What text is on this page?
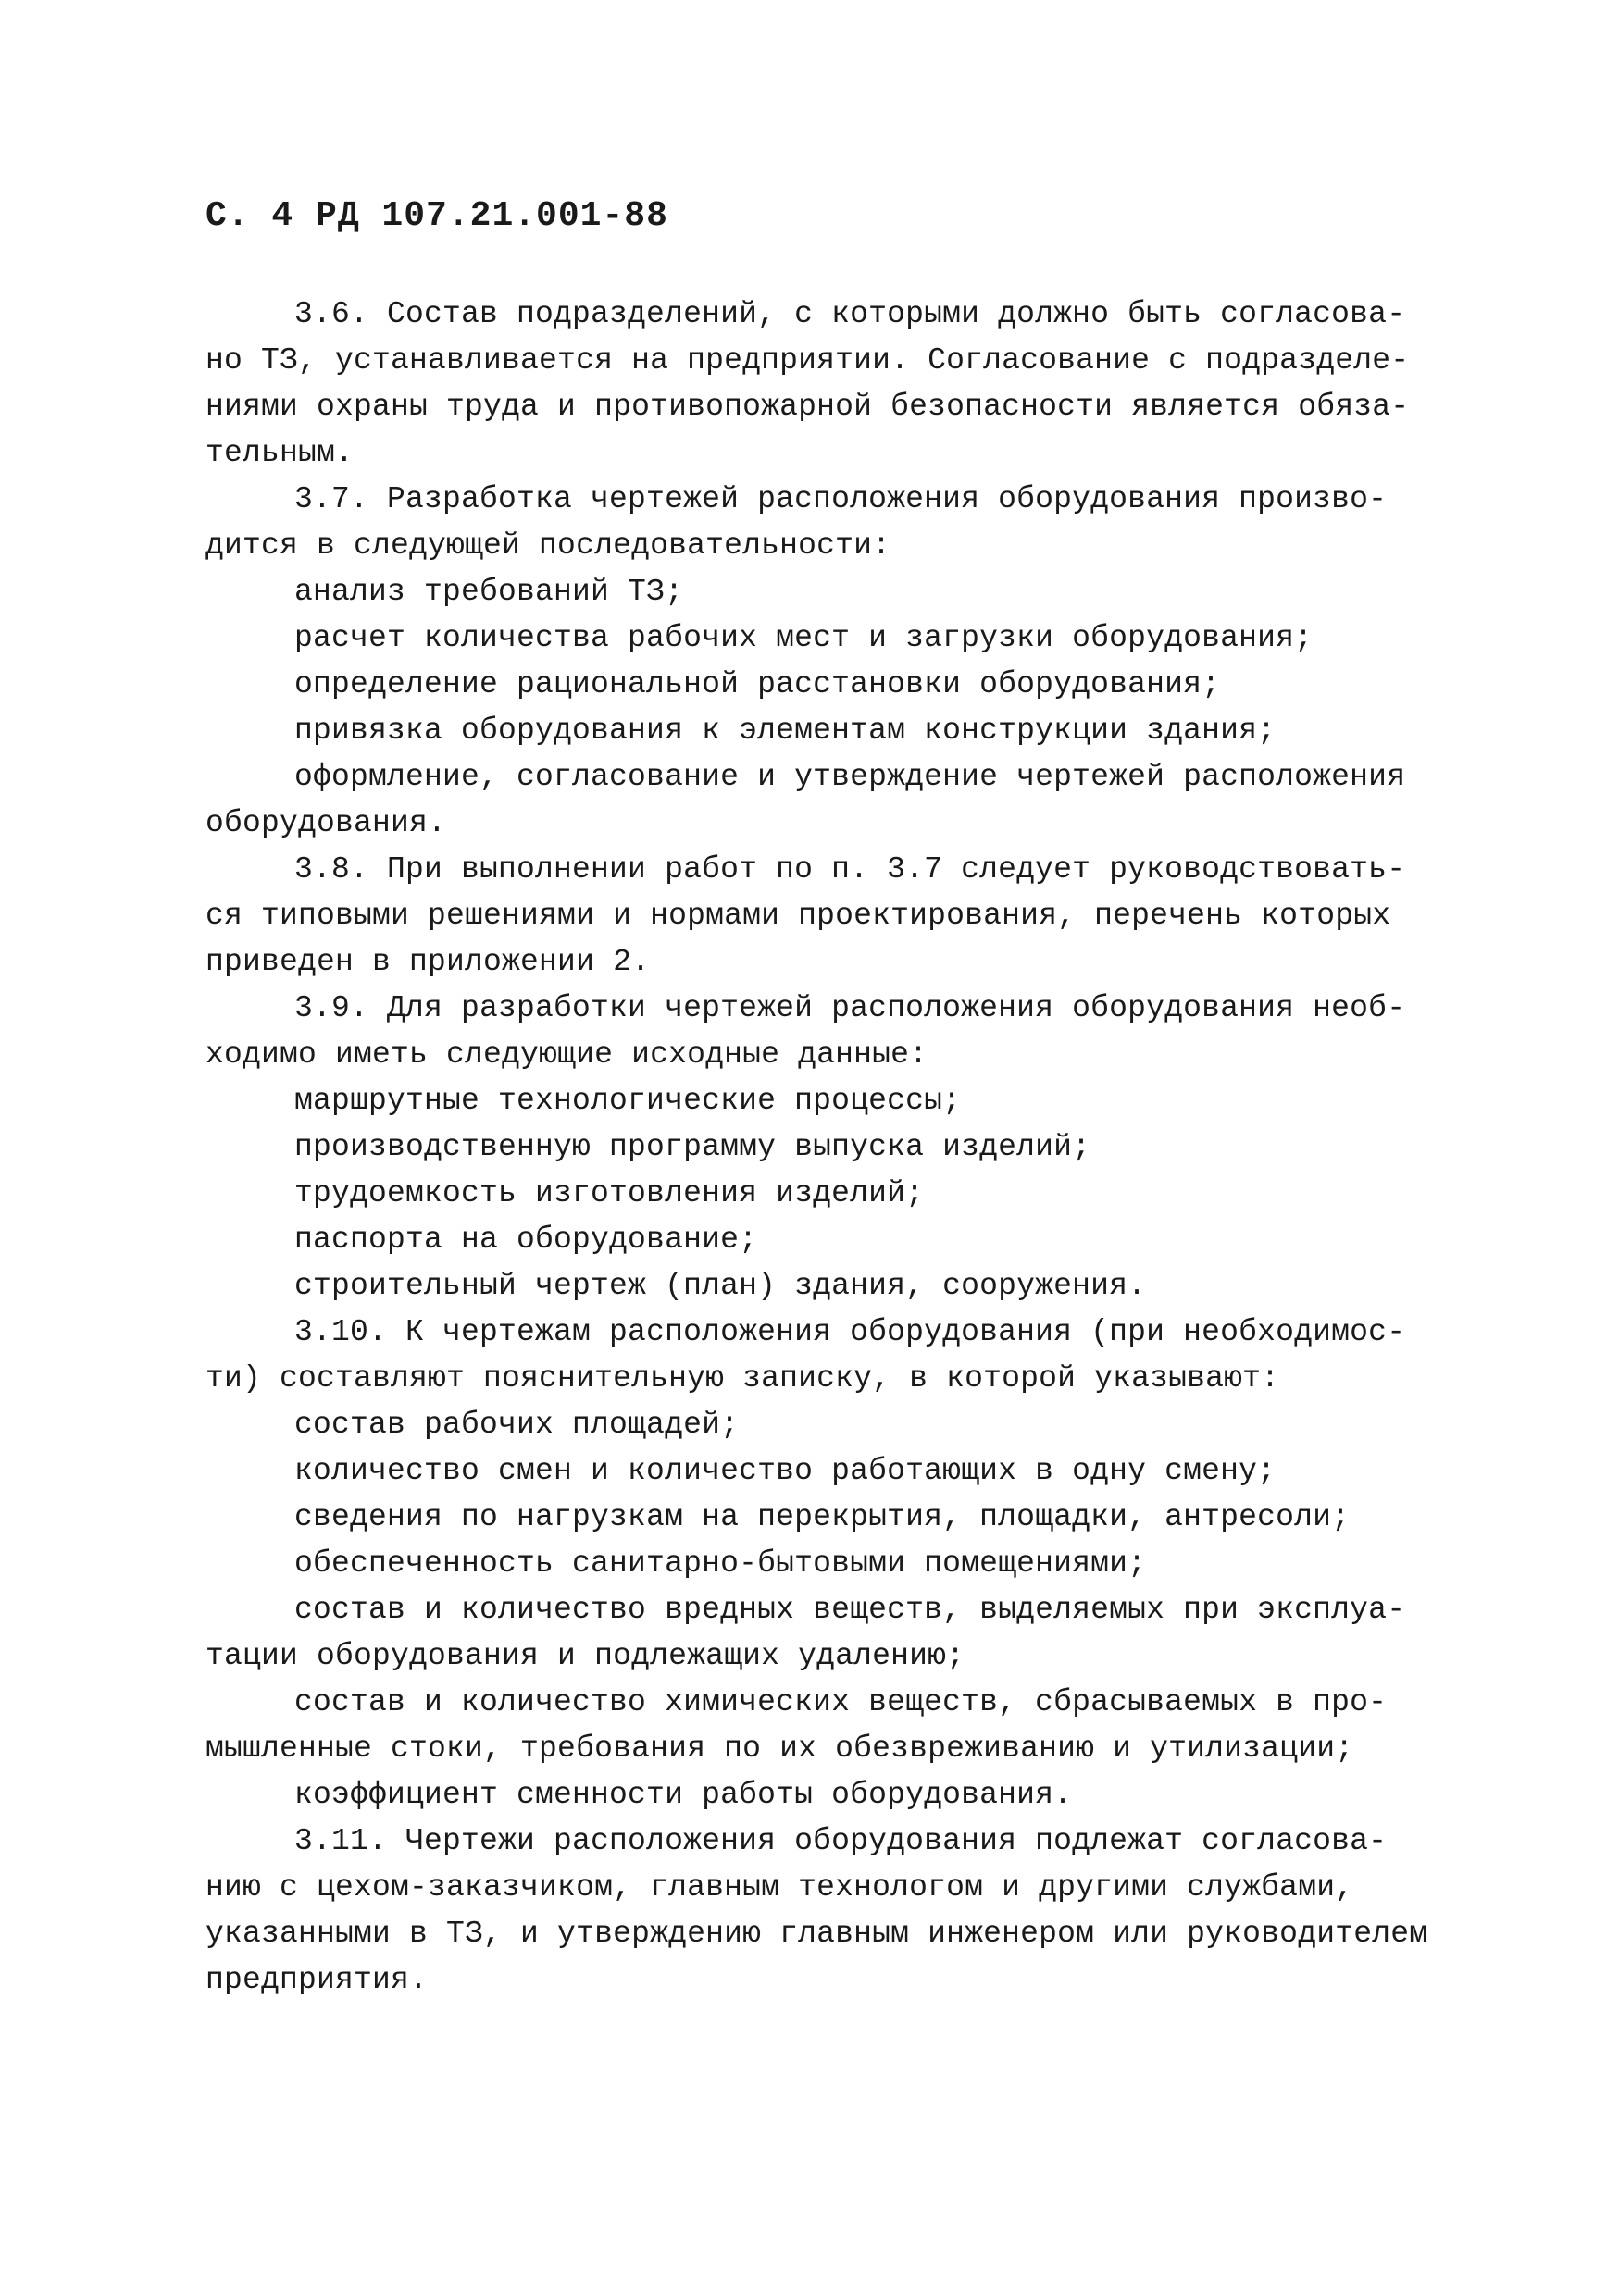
С. 4 РД 107.21.001-88
3.6. Состав подразделений, с которыми должно быть согласова-
но ТЗ, устанавливается на предприятии. Согласование с подразделе-
ниями охраны труда и противопожарной безопасности является обяза-
тельным.
3.7. Разработка чертежей расположения оборудования произво-
дится в следующей последовательности:
анализ требований ТЗ;
расчет количества рабочих мест и загрузки оборудования;
определение рациональной расстановки оборудования;
привязка оборудования к элементам конструкции здания;
оформление, согласование и утверждение чертежей расположения
оборудования.
3.8. При выполнении работ по п. 3.7 следует руководствовать-
ся типовыми решениями и нормами проектирования, перечень которых
приведен в приложении 2.
3.9. Для разработки чертежей расположения оборудования необ-
ходимо иметь следующие исходные данные:
маршрутные технологические процессы;
производственную программу выпуска изделий;
трудоемкость изготовления изделий;
паспорта на оборудование;
строительный чертеж (план) здания, сооружения.
3.10. К чертежам расположения оборудования (при необходимос-
ти) составляют пояснительную записку, в которой указывают:
состав рабочих площадей;
количество смен и количество работающих в одну смену;
сведения по нагрузкам на перекрытия, площадки, антресоли;
обеспеченность санитарно-бытовыми помещениями;
состав и количество вредных веществ, выделяемых при эксплуа-
тации оборудования и подлежащих удалению;
состав и количество химических веществ, сбрасываемых в про-
мышленные стоки, требования по их обезвреживанию и утилизации;
коэффициент сменности работы оборудования.
3.11. Чертежи расположения оборудования подлежат согласова-
нию с цехом-заказчиком, главным технологом и другими службами,
указанными в ТЗ, и утверждению главным инженером или руководителем
предприятия.
